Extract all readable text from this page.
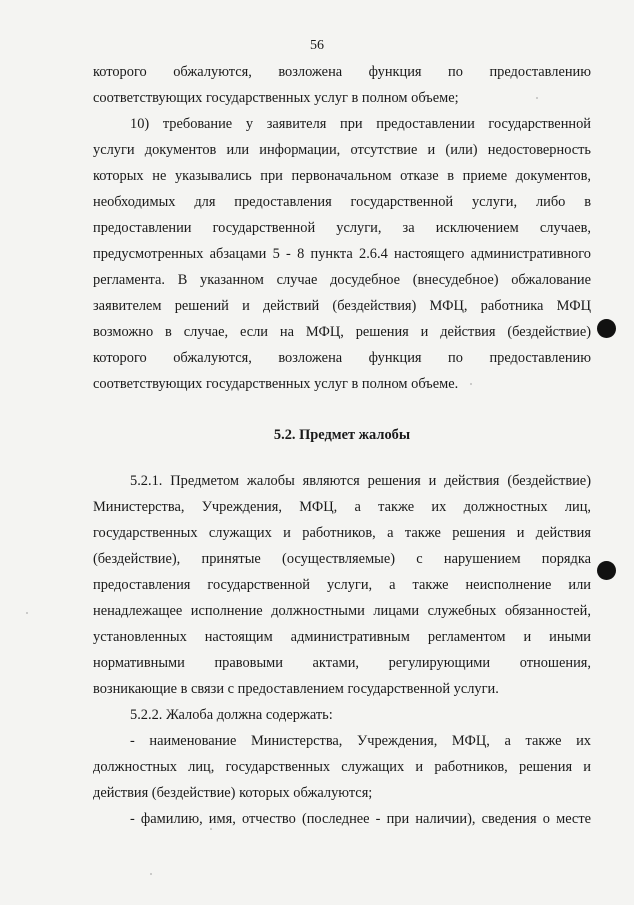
56
которого обжалуются, возложена функция по предоставлению
соответствующих государственных услуг в полном объеме;
10) требование у заявителя при предоставлении государственной
услуги документов или информации, отсутствие и (или) недостоверность
которых не указывались при первоначальном отказе в приеме документов,
необходимых для предоставления государственной услуги, либо в
предоставлении государственной услуги, за исключением случаев,
предусмотренных абзацами 5 - 8 пункта 2.6.4 настоящего административного
регламента. В указанном случае досудебное (внесудебное) обжалование
заявителем решений и действий (бездействия) МФЦ, работника МФЦ
возможно в случае, если на МФЦ, решения и действия (бездействие)
которого обжалуются, возложена функция по предоставлению
соответствующих государственных услуг в полном объеме.
5.2. Предмет жалобы
5.2.1. Предметом жалобы являются решения и действия (бездействие)
Министерства, Учреждения, МФЦ, а также их должностных лиц,
государственных служащих и работников, а также решения и действия
(бездействие), принятые (осуществляемые) с нарушением порядка
предоставления государственной услуги, а также неисполнение или
ненадлежащее исполнение должностными лицами служебных обязанностей,
установленных настоящим административным регламентом и иными
нормативными правовыми актами, регулирующими отношения,
возникающие в связи с предоставлением государственной услуги.
5.2.2. Жалоба должна содержать:
- наименование Министерства, Учреждения, МФЦ, а также их
должностных лиц, государственных служащих и работников, решения и
действия (бездействие) которых обжалуются;
- фамилию, имя, отчество (последнее - при наличии), сведения о месте
